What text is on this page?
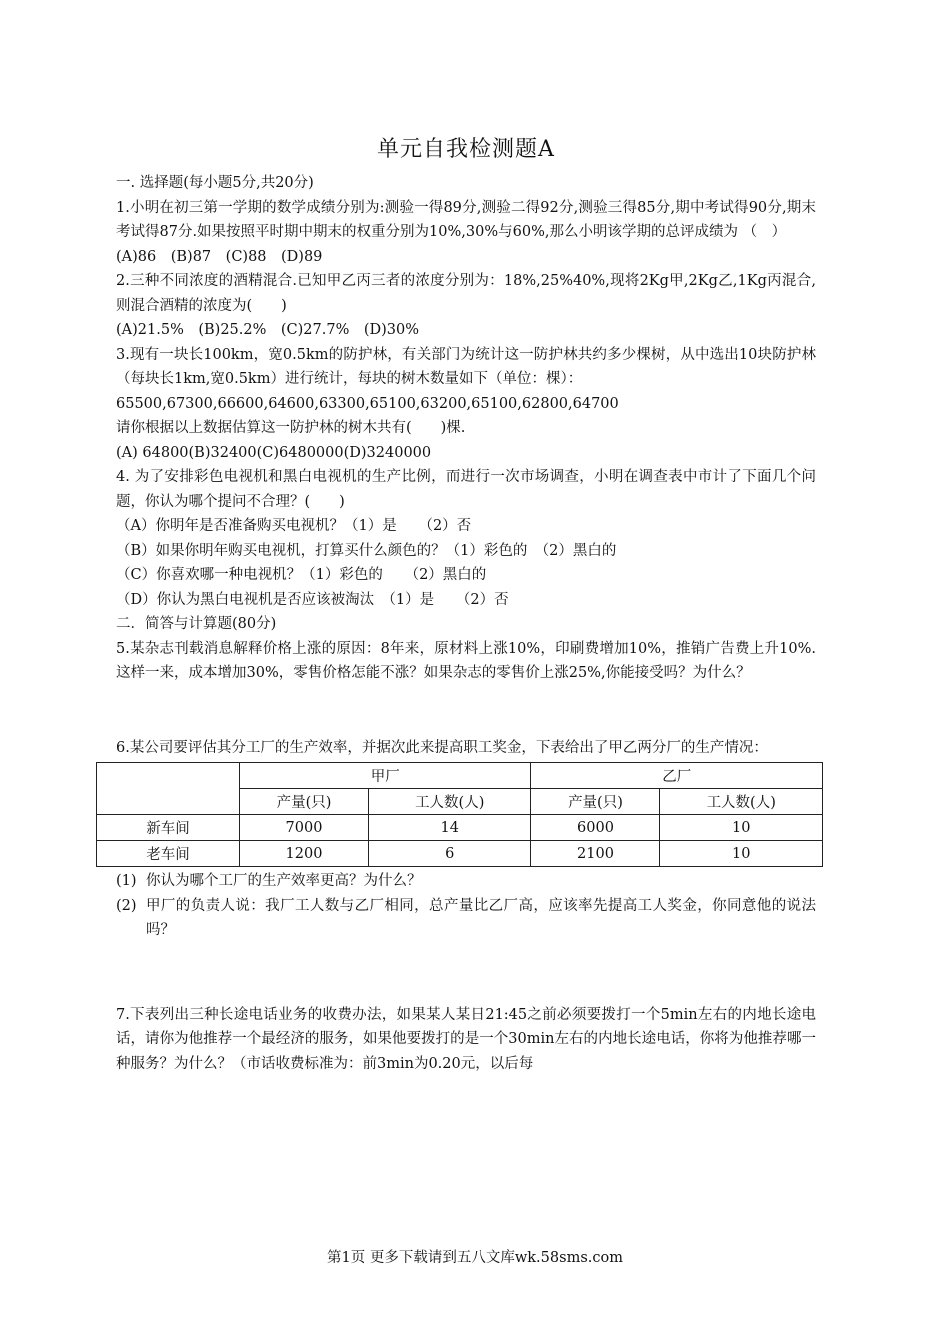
单元自我检测题A

一. 选择题(每小题5分,共20分)

1.小明在初三第一学期的数学成绩分别为:测验一得89分,测验二得92分,测验三得85分,期中考试得90分,期末考试得87分.如果按照平时期中期末的权重分别为10%,30%与60%,那么小明该学期的总评成绩为 （　）

(A)86　(B)87　(C)88　(D)89

2.三种不同浓度的酒精混合.已知甲乙丙三者的浓度分别为：18%,25%40%,现将2Kg甲,2Kg乙,1Kg丙混合,则混合酒精的浓度为(　　)

(A)21.5%　(B)25.2%　(C)27.7%　(D)30%

3.现有一块长100km，宽0.5km的防护林，有关部门为统计这一防护林共约多少棵树，从中选出10块防护林（每块长1km,宽0.5km）进行统计，每块的树木数量如下（单位：棵）：

65500,67300,66600,64600,63300,65100,63200,65100,62800,64700

请你根据以上数据估算这一防护林的树木共有(　　)棵.

(A) 64800(B)32400(C)6480000(D)3240000

4. 为了安排彩色电视机和黑白电视机的生产比例，而进行一次市场调查，小明在调查表中市计了下面几个问题，你认为哪个提问不合理？(　　)

（A）你明年是否准备购买电视机？（1）是　　（2）否

（B）如果你明年购买电视机，打算买什么颜色的？（1）彩色的　（2）黑白的

（C）你喜欢哪一种电视机？（1）彩色的　　（2）黑白的

（D）你认为黑白电视机是否应该被淘汰　（1）是　　（2）否

二．简答与计算题(80分)

5.某杂志刊载消息解释价格上涨的原因：8年来，原材料上涨10%，印刷费增加10%，推销广告费上升10%.这样一来，成本增加30%，零售价格怎能不涨？如果杂志的零售价上涨25%,你能接受吗？为什么？

6.某公司要评估其分工厂的生产效率，并据次此来提高职工奖金，下表给出了甲乙两分厂的生产情况：

	甲厂		乙厂	
	产量(只)	工人数(人)	产量(只)	工人数(人)
新车间	7000	14	6000	10
老车间	1200	6	2100	10
(1) 你认为哪个工厂的生产效率更高？为什么？
(2) 甲厂的负责人说：我厂工人数与乙厂相同，总产量比乙厂高，应该率先提高工人奖金，你同意他的说法吗？

7.下表列出三种长途电话业务的收费办法，如果某人某日21:45之前必须要拨打一个5min左右的内地长途电话，请你为他推荐一个最经济的服务，如果他要拨打的是一个30min左右的内地长途电话，你将为他推荐哪一种服务？为什么？（市话收费标准为：前3min为0.20元，以后每

第1页 更多下载请到五八文库wk.58sms.com
